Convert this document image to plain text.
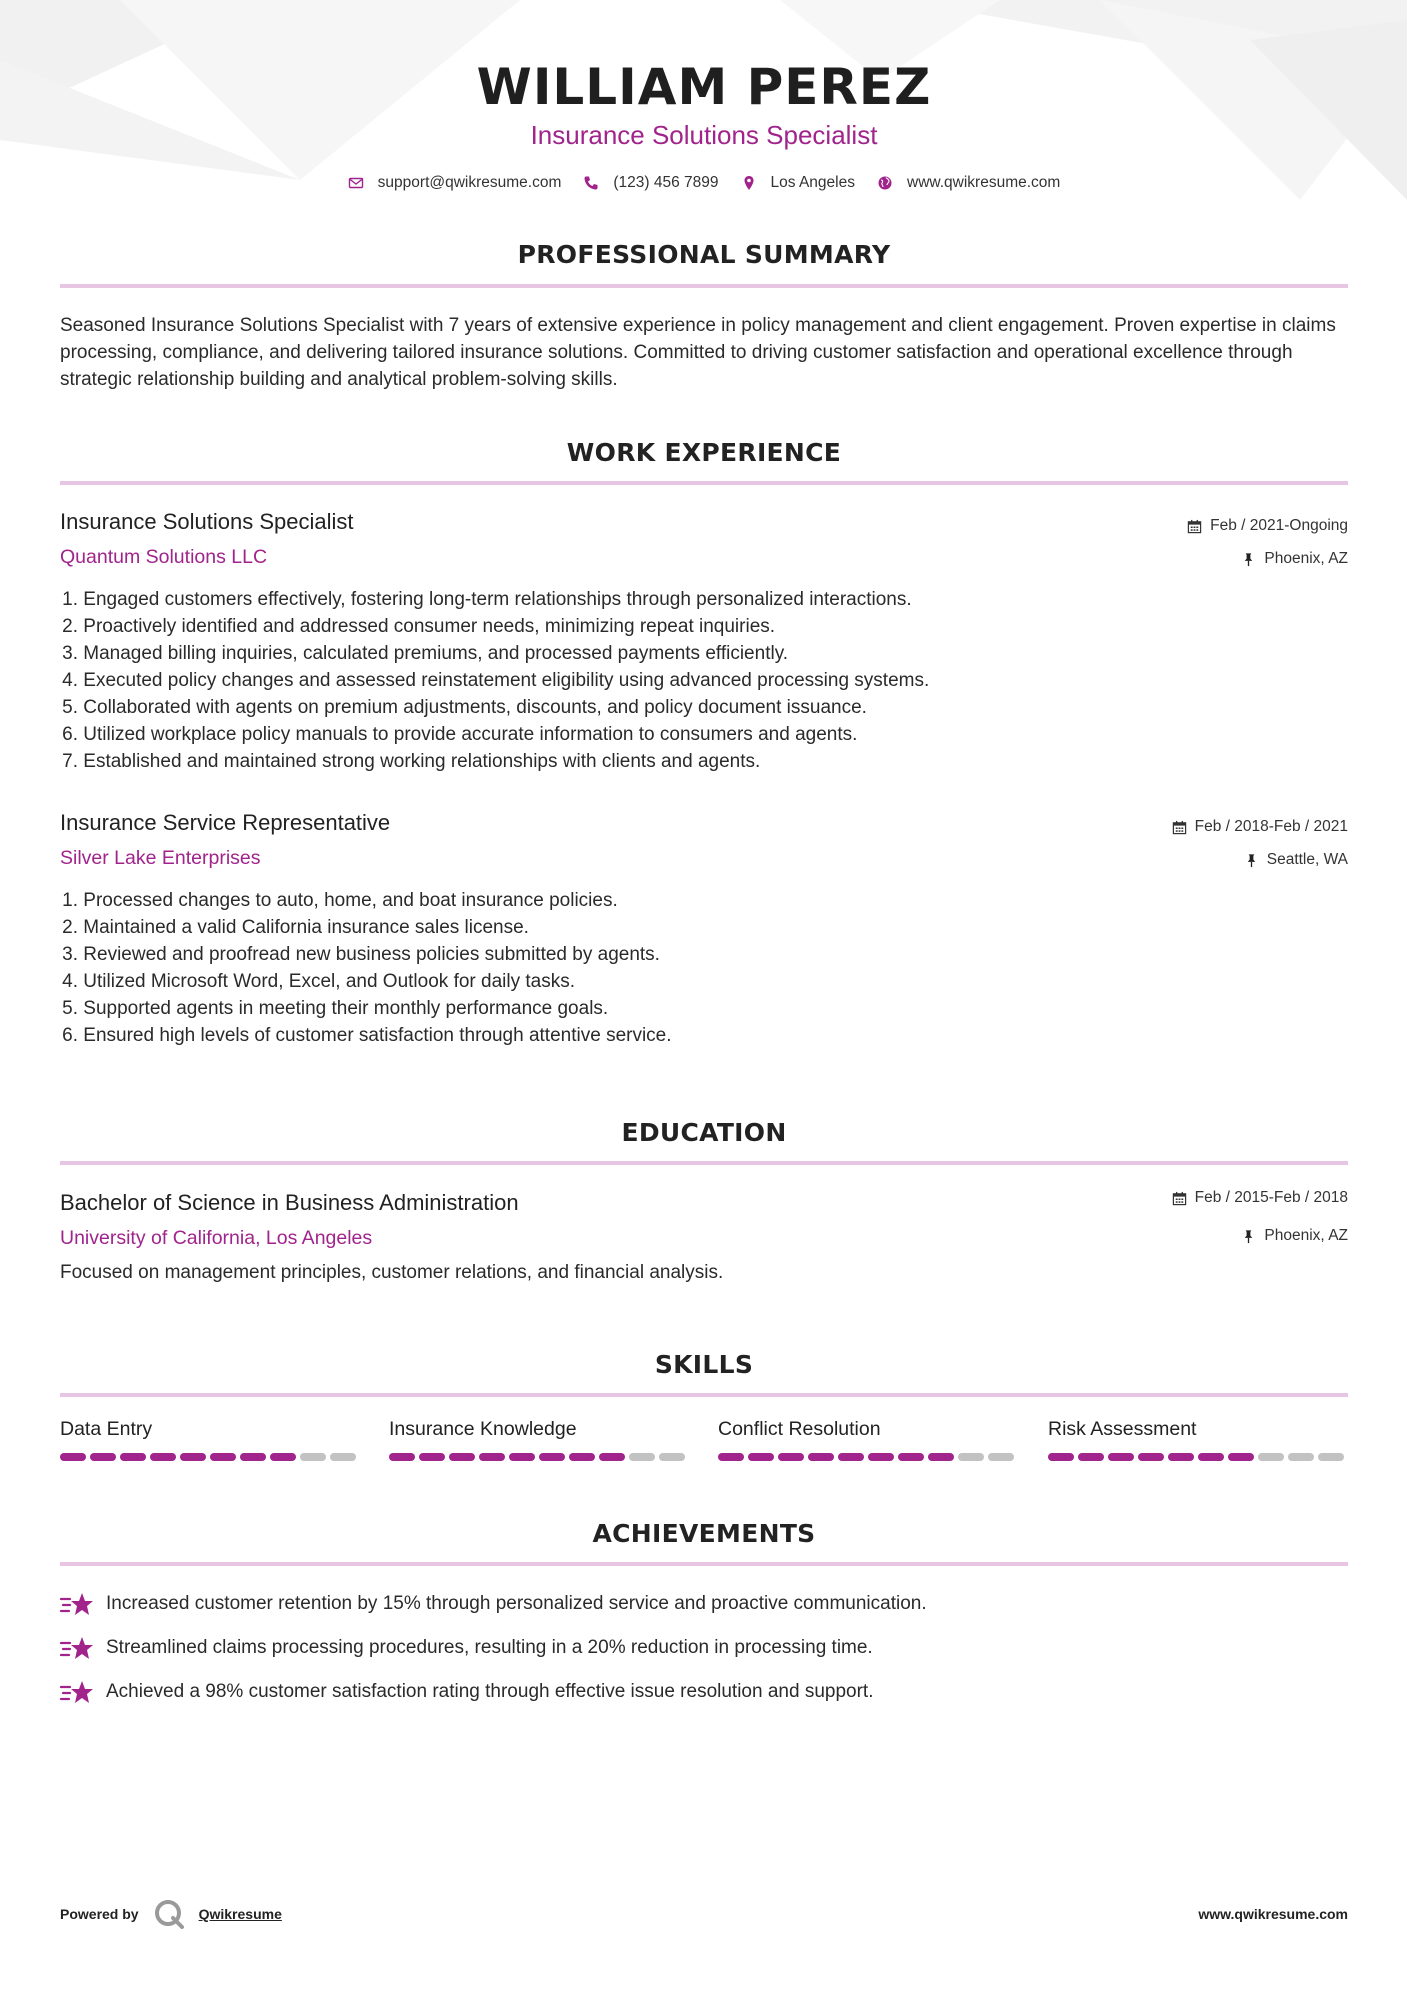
WILLIAM PEREZ
Insurance Solutions Specialist
support@qwikresume.com	(123) 456 7899	Los Angeles	www.qwikresume.com
PROFESSIONAL SUMMARY
Seasoned Insurance Solutions Specialist with 7 years of extensive experience in policy management and client engagement. Proven expertise in claims processing, compliance, and delivering tailored insurance solutions. Committed to driving customer satisfaction and operational excellence through strategic relationship building and analytical problem-solving skills.
WORK EXPERIENCE
Insurance Solutions Specialist
Quantum Solutions LLC
Feb / 2021-Ongoing
Phoenix, AZ
1.
Engaged customers effectively, fostering long-term relationships through personalized interactions.
2.
Proactively identified and addressed consumer needs, minimizing repeat inquiries.
3.
Managed billing inquiries, calculated premiums, and processed payments efficiently.
4.
Executed policy changes and assessed reinstatement eligibility using advanced processing systems.
5.
Collaborated with agents on premium adjustments, discounts, and policy document issuance.
6.
Utilized workplace policy manuals to provide accurate information to consumers and agents.
7.
Established and maintained strong working relationships with clients and agents.
Insurance Service Representative
Silver Lake Enterprises
Feb / 2018-Feb / 2021
Seattle, WA
1.
Processed changes to auto, home, and boat insurance policies.
2.
Maintained a valid California insurance sales license.
3.
Reviewed and proofread new business policies submitted by agents.
4.
Utilized Microsoft Word, Excel, and Outlook for daily tasks.
5.
Supported agents in meeting their monthly performance goals.
6.
Ensured high levels of customer satisfaction through attentive service.
EDUCATION
Bachelor of Science in Business Administration
University of California, Los Angeles
Feb / 2015-Feb / 2018
Phoenix, AZ
Focused on management principles, customer relations, and financial analysis.
SKILLS
Data Entry	Insurance Knowledge	Conflict Resolution	Risk Assessment
ACHIEVEMENTS
Increased customer retention by 15% through personalized service and proactive communication.
Streamlined claims processing procedures, resulting in a 20% reduction in processing time.
Achieved a 98% customer satisfaction rating through effective issue resolution and support.
Powered by	Qwikresume	www.qwikresume.com
